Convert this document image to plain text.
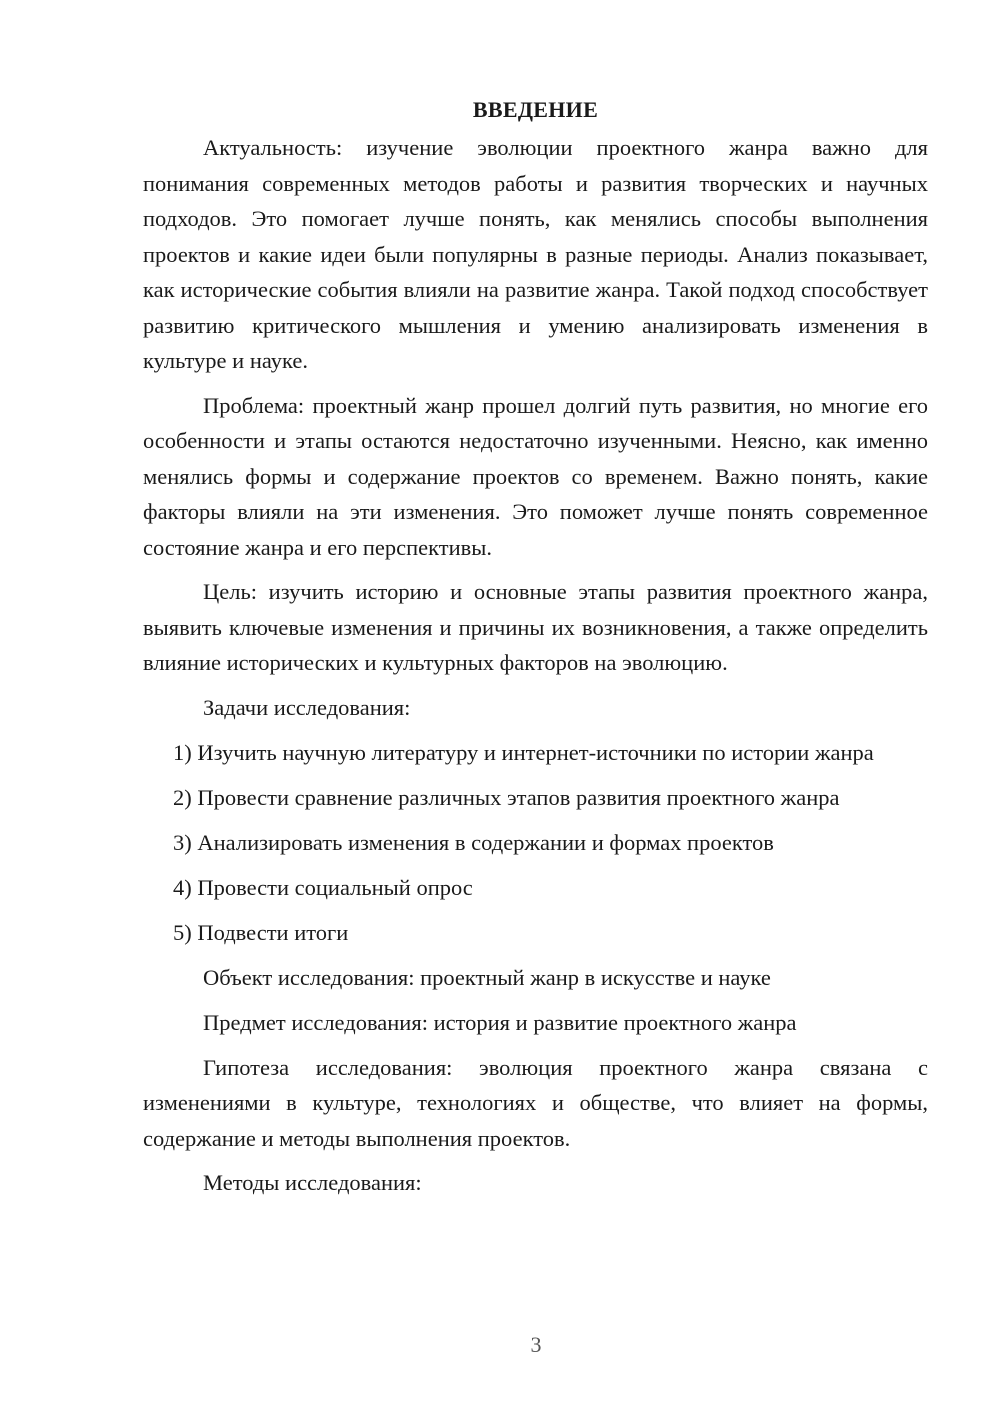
ВВЕДЕНИЕ

Актуальность: изучение эволюции проектного жанра важно для понимания современных методов работы и развития творческих и научных подходов. Это помогает лучше понять, как менялись способы выполнения проектов и какие идеи были популярны в разные периоды. Анализ показывает, как исторические события влияли на развитие жанра. Такой подход способствует развитию критического мышления и умению анализировать изменения в культуре и науке.

Проблема: проектный жанр прошел долгий путь развития, но многие его особенности и этапы остаются недостаточно изученными. Неясно, как именно менялись формы и содержание проектов со временем. Важно понять, какие факторы влияли на эти изменения. Это поможет лучше понять современное состояние жанра и его перспективы.

Цель: изучить историю и основные этапы развития проектного жанра, выявить ключевые изменения и причины их возникновения, а также определить влияние исторических и культурных факторов на эволюцию.

Задачи исследования:

1) Изучить научную литературу и интернет-источники по истории жанра

2) Провести сравнение различных этапов развития проектного жанра

3) Анализировать изменения в содержании и формах проектов

4) Провести социальный опрос

5) Подвести итоги

Объект исследования: проектный жанр в искусстве и науке

Предмет исследования: история и развитие проектного жанра

Гипотеза исследования: эволюция проектного жанра связана с изменениями в культуре, технологиях и обществе, что влияет на формы, содержание и методы выполнения проектов.

Методы исследования:

3
